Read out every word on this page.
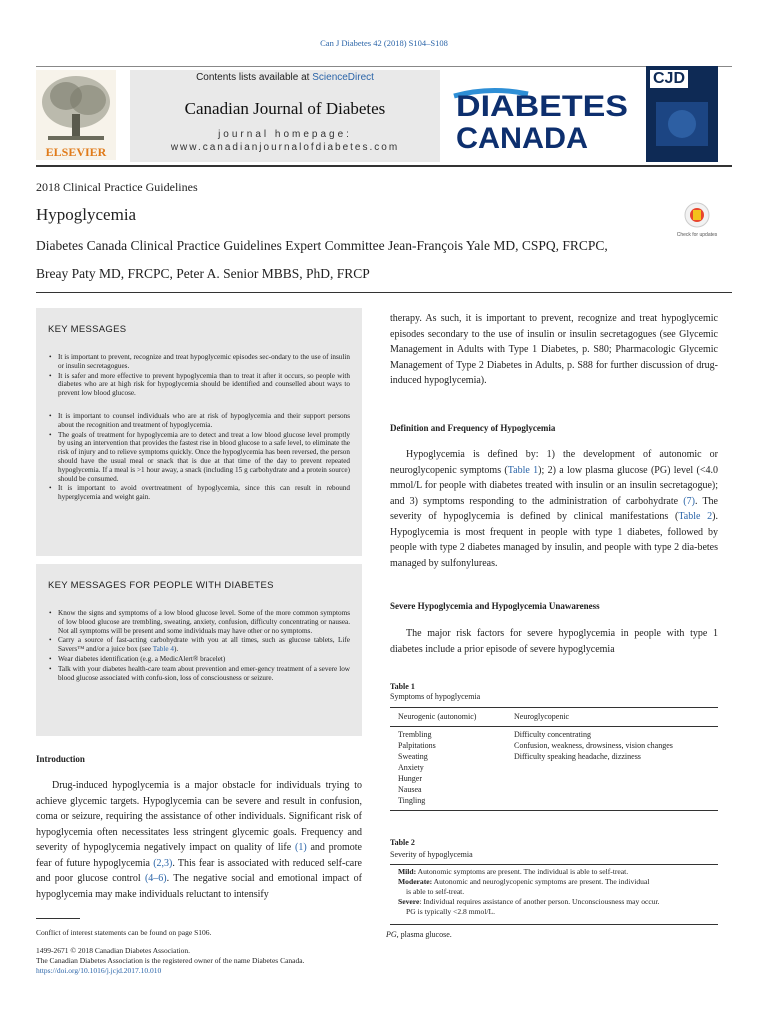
Can J Diabetes 42 (2018) S104–S108
ELSEVIER
Contents lists available at ScienceDirect
Canadian Journal of Diabetes
journal homepage:
www.canadianjournalofdiabetes.com
DIABETES
CANADA
CJD
2018 Clinical Practice Guidelines
Hypoglycemia
Check for updates
Diabetes Canada Clinical Practice Guidelines Expert Committee Jean-François Yale MD, CSPQ, FRCPC,
Breay Paty MD, FRCPC, Peter A. Senior MBBS, PhD, FRCP
KEY MESSAGES
• It is important to prevent, recognize and treat hypoglycemic episodes sec-ondary to the use of insulin or insulin secretagogues.
• It is safer and more effective to prevent hypoglycemia than to treat it after it occurs, so people with diabetes who are at high risk for hypoglycemia should be identified and counselled about ways to prevent low blood glucose.
• It is important to counsel individuals who are at risk of hypoglycemia and their support persons about the recognition and treatment of hypoglycemia.
• The goals of treatment for hypoglycemia are to detect and treat a low blood glucose level promptly by using an intervention that provides the fastest rise in blood glucose to a safe level, to eliminate the risk of injury and to relieve symptoms quickly. Once the hypoglycemia has been reversed, the person should have the usual meal or snack that is due at that time of the day to prevent repeated hypoglycemia. If a meal is >1 hour away, a snack (including 15 g carbohydrate and a protein source) should be consumed.
• It is important to avoid overtreatment of hypoglycemia, since this can result in rebound hyperglycemia and weight gain.
KEY MESSAGES FOR PEOPLE WITH DIABETES
• Know the signs and symptoms of a low blood glucose level. Some of the more common symptoms of low blood glucose are trembling, sweating, anxiety, confusion, difficulty concentrating or nausea. Not all symptoms will be present and some individuals may have other or no symptoms.
• Carry a source of fast-acting carbohydrate with you at all times, such as glucose tablets, Life Savers™ and/or a juice box (see Table 4).
• Wear diabetes identification (e.g. a MedicAlert® bracelet)
• Talk with your diabetes health-care team about prevention and emer-gency treatment of a severe low blood glucose associated with confu-sion, loss of consciousness or seizure.
Introduction
Drug-induced hypoglycemia is a major obstacle for individuals trying to achieve glycemic targets. Hypoglycemia can be severe and result in confusion, coma or seizure, requiring the assistance of other individuals. Significant risk of hypoglycemia often necessitates less stringent glycemic goals. Frequency and severity of hypoglycemia negatively impact on quality of life (1) and promote fear of future hypoglycemia (2,3). This fear is associated with reduced self-care and poor glucose control (4–6). The negative social and emotional impact of hypoglycemia may make individuals reluctant to intensify
Conflict of interest statements can be found on page S106.
1499-2671 © 2018 Canadian Diabetes Association.
The Canadian Diabetes Association is the registered owner of the name Diabetes Canada.
https://doi.org/10.1016/j.jcjd.2017.10.010
therapy. As such, it is important to prevent, recognize and treat hypoglycemic episodes secondary to the use of insulin or insulin secretagogues (see Glycemic Management in Adults with Type 1 Diabetes, p. S80; Pharmacologic Glycemic Management of Type 2 Diabetes in Adults, p. S88 for further discussion of drug-induced hypoglycemia).
Definition and Frequency of Hypoglycemia
Hypoglycemia is defined by: 1) the development of autonomic or neuroglycopenic symptoms (Table 1); 2) a low plasma glucose (PG) level (<4.0 mmol/L for people with diabetes treated with insulin or an insulin secretagogue); and 3) symptoms responding to the administration of carbohydrate (7). The severity of hypoglycemia is defined by clinical manifestations (Table 2). Hypoglycemia is most frequent in people with type 1 diabetes, followed by people with type 2 diabetes managed by insulin, and people with type 2 dia-betes managed by sulfonylureas.
Severe Hypoglycemia and Hypoglycemia Unawareness
The major risk factors for severe hypoglycemia in people with type 1 diabetes include a prior episode of severe hypoglycemia
Table 1
Symptoms of hypoglycemia
Neurogenic (autonomic)	Neuroglycopenic
Trembling
Palpitations
Sweating
Anxiety
Hunger
Nausea
Tingling
Difficulty concentrating
Confusion, weakness, drowsiness, vision changes
Difficulty speaking headache, dizziness
Table 2
Severity of hypoglycemia
Mild: Autonomic symptoms are present. The individual is able to self-treat.
Moderate: Autonomic and neuroglycopenic symptoms are present. The individual
is able to self-treat.
Severe: Individual requires assistance of another person. Unconsciousness may occur.
PG is typically <2.8 mmol/L.
PG, plasma glucose.
